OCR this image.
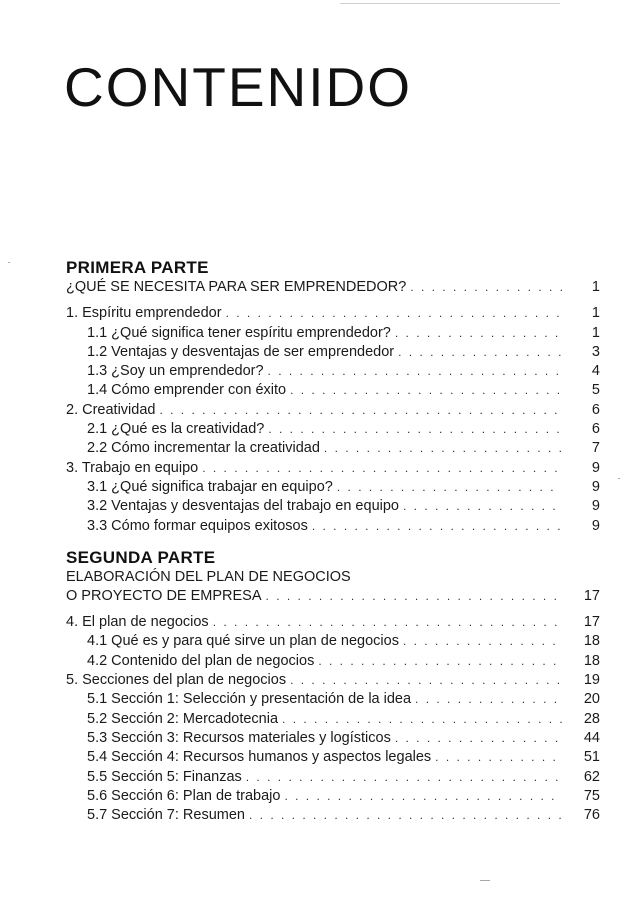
CONTENIDO
PRIMERA PARTE
¿QUÉ SE NECESITA PARA SER EMPRENDEDOR? . . .	1
1. Espíritu emprendedor . . .	1
1.1 ¿Qué significa tener espíritu emprendedor? . . .	1
1.2 Ventajas y desventajas de ser emprendedor . . .	3
1.3 ¿Soy un emprendedor? . . .	4
1.4 Cómo emprender con éxito . . .	5
2. Creatividad . . .	6
2.1 ¿Qué es la creatividad? . . .	6
2.2 Cómo incrementar la creatividad . . .	7
3. Trabajo en equipo . . .	9
3.1 ¿Qué significa trabajar en equipo? . . .	9
3.2 Ventajas y desventajas del trabajo en equipo . . .	9
3.3 Cómo formar equipos exitosos . . .	9
SEGUNDA PARTE
ELABORACIÓN DEL PLAN DE NEGOCIOS
O PROYECTO DE EMPRESA . . .	17
4. El plan de negocios . . .	17
4.1 Qué es y para qué sirve un plan de negocios . . .	18
4.2 Contenido del plan de negocios . . .	18
5. Secciones del plan de negocios . . .	19
5.1 Sección 1: Selección y presentación de la idea . . .	20
5.2 Sección 2: Mercadotecnia . . .	28
5.3 Sección 3: Recursos materiales y logísticos . . .	44
5.4 Sección 4: Recursos humanos y aspectos legales . . .	51
5.5 Sección 5: Finanzas . . .	62
5.6 Sección 6: Plan de trabajo . . .	75
5.7 Sección 7: Resumen . . .	76
